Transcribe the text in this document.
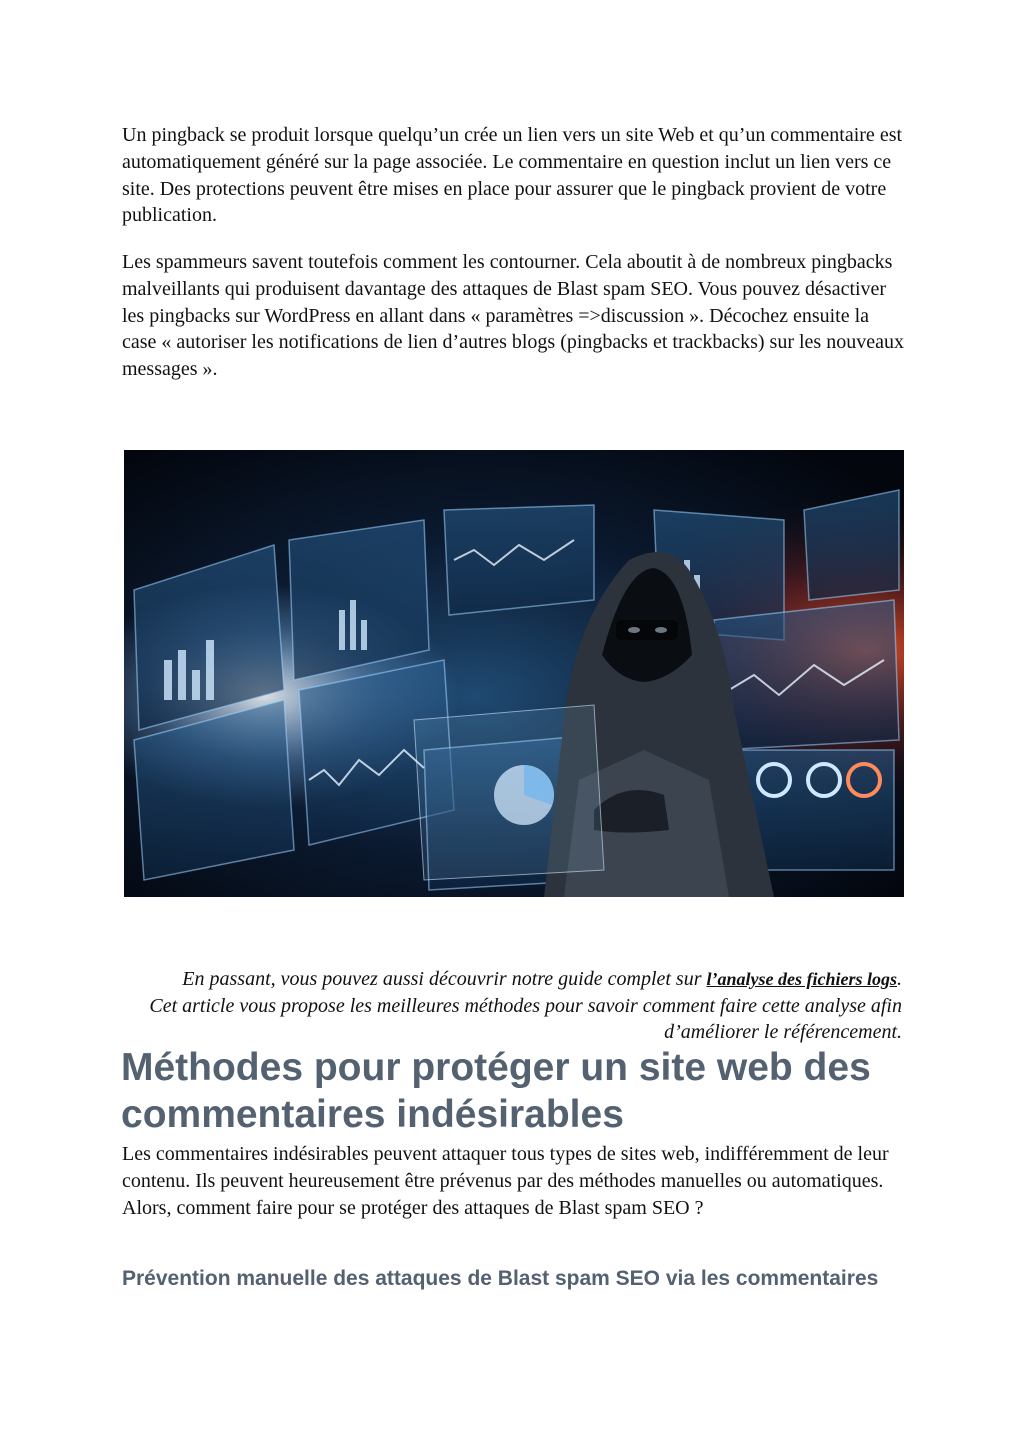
Un pingback se produit lorsque quelqu’un crée un lien vers un site Web et qu’un commentaire est automatiquement généré sur la page associée. Le commentaire en question inclut un lien vers ce site. Des protections peuvent être mises en place pour assurer que le pingback provient de votre publication.

Les spammeurs savent toutefois comment les contourner. Cela aboutit à de nombreux pingbacks malveillants qui produisent davantage des attaques de Blast spam SEO. Vous pouvez désactiver les pingbacks sur WordPress en allant dans « paramètres =>discussion ». Décochez ensuite la case « autoriser les notifications de lien d’autres blogs (pingbacks et trackbacks) sur les nouveaux messages ».

En passant, vous pouvez aussi découvrir notre guide complet sur l’analyse des fichiers logs. Cet article vous propose les meilleures méthodes pour savoir comment faire cette analyse afin d’améliorer le référencement.

Méthodes pour protéger un site web des commentaires indésirables

Les commentaires indésirables peuvent attaquer tous types de sites web, indifféremment de leur contenu. Ils peuvent heureusement être prévenus par des méthodes manuelles ou automatiques. Alors, comment faire pour se protéger des attaques de Blast spam SEO ?

Prévention manuelle des attaques de Blast spam SEO via les commentaires
